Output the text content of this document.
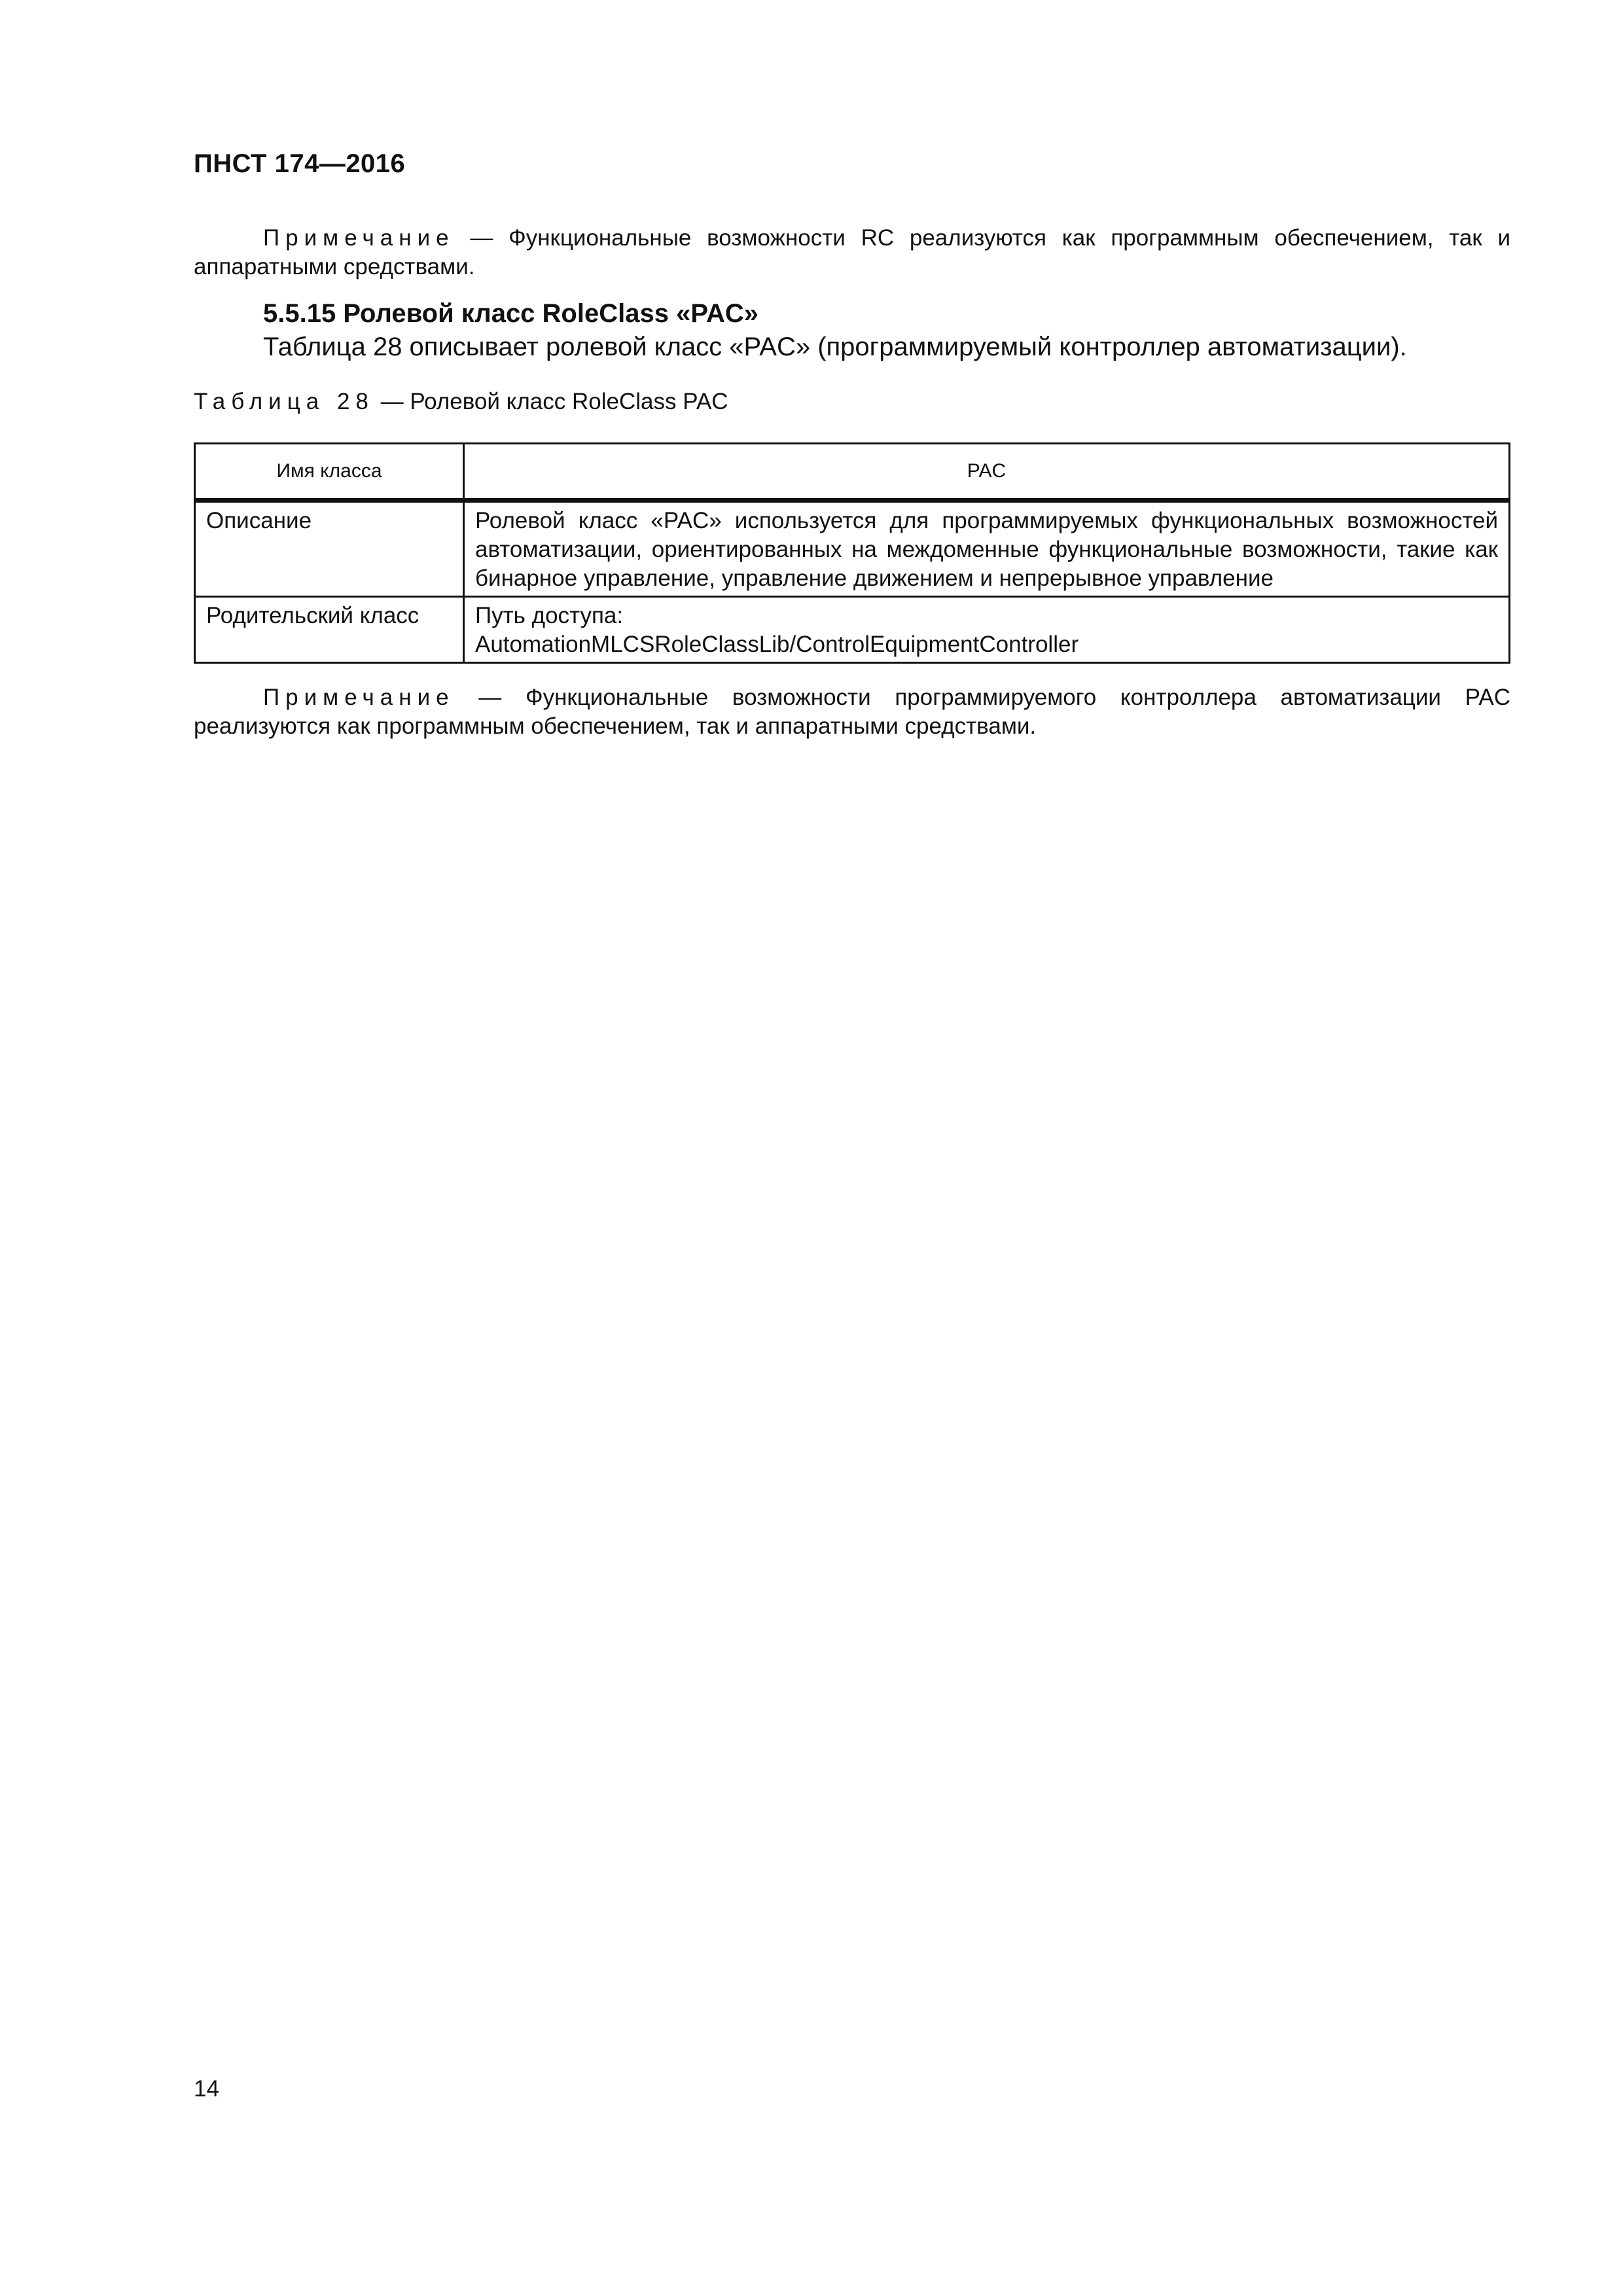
ПНСТ 174—2016
Примечание — Функциональные возможности RC реализуются как программным обеспечением, так и аппаратными средствами.
5.5.15 Ролевой класс RoleClass «PAC»
Таблица 28 описывает ролевой класс «PAC» (программируемый контроллер автоматизации).
Таблица 28 — Ролевой класс RoleClass PAC
Имя класса	PAC
Описание	Ролевой класс «PAC» используется для программируемых функциональных возможностей автоматизации, ориентированных на междоменные функциональные возможности, такие как бинарное управление, управление движением и непрерывное управление
Родительский класс	Путь доступа:
AutomationMLCSRoleClassLib/ControlEquipmentController
Примечание — Функциональные возможности программируемого контроллера автоматизации PAC реализуются как программным обеспечением, так и аппаратными средствами.
14
